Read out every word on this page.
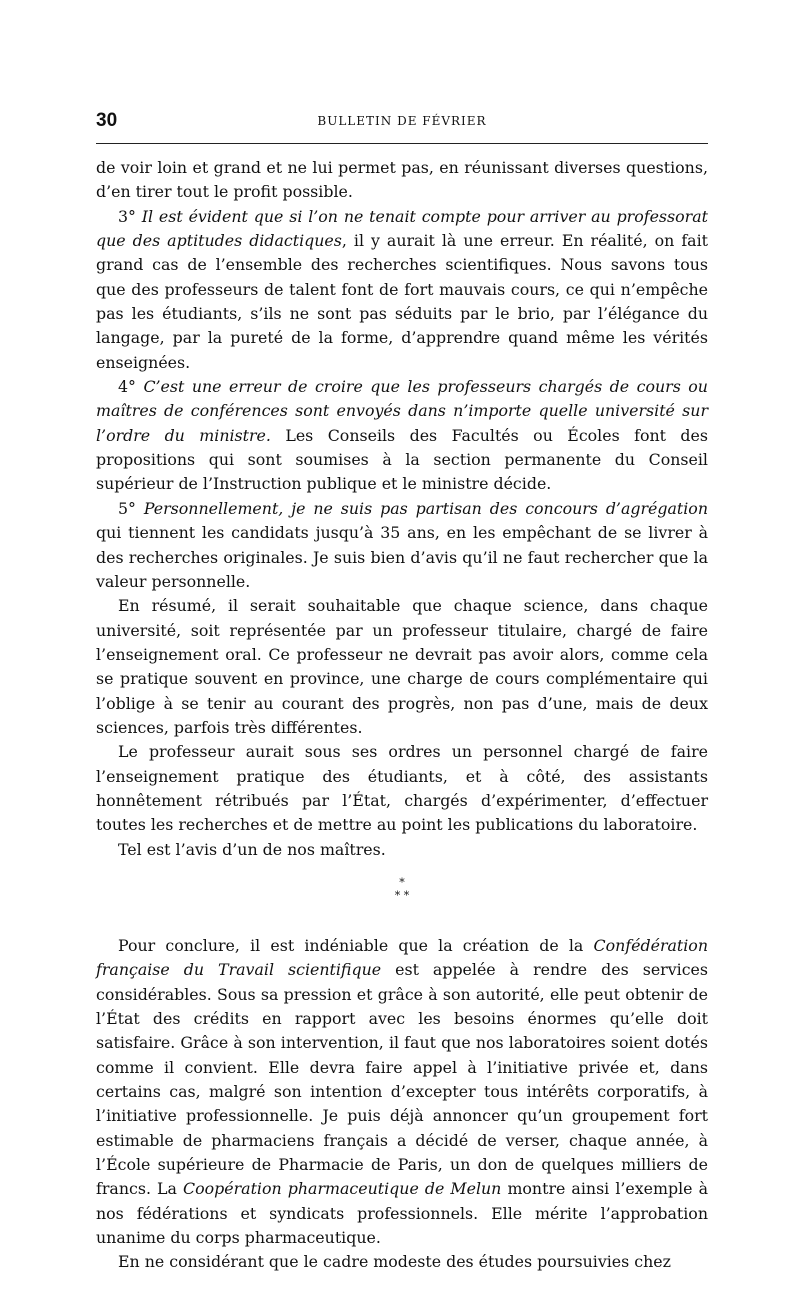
30	BULLETIN DE FÉVRIER

de voir loin et grand et ne lui permet pas, en réunissant diverses questions, d’en tirer tout le profit possible.

3° Il est évident que si l’on ne tenait compte pour arriver au professorat que des aptitudes didactiques, il y aurait là une erreur. En réalité, on fait grand cas de l’ensemble des recherches scientifiques. Nous savons tous que des professeurs de talent font de fort mauvais cours, ce qui n’empêche pas les étudiants, s’ils ne sont pas séduits par le brio, par l’élégance du langage, par la pureté de la forme, d’apprendre quand même les vérités enseignées.

4° C’est une erreur de croire que les professeurs chargés de cours ou maîtres de conférences sont envoyés dans n’importe quelle université sur l’ordre du ministre. Les Conseils des Facultés ou Écoles font des propositions qui sont soumises à la section permanente du Conseil supérieur de l’Instruction publique et le ministre décide.

5° Personnellement, je ne suis pas partisan des concours d’agrégation qui tiennent les candidats jusqu’à 35 ans, en les empêchant de se livrer à des recherches originales. Je suis bien d’avis qu’il ne faut rechercher que la valeur personnelle.

En résumé, il serait souhaitable que chaque science, dans chaque université, soit représentée par un professeur titulaire, chargé de faire l’enseignement oral. Ce professeur ne devrait pas avoir alors, comme cela se pratique souvent en province, une charge de cours complémentaire qui l’oblige à se tenir au courant des progrès, non pas d’une, mais de deux sciences, parfois très différentes.

Le professeur aurait sous ses ordres un personnel chargé de faire l’enseignement pratique des étudiants, et à côté, des assistants honnêtement rétribués par l’État, chargés d’expérimenter, d’effectuer toutes les recherches et de mettre au point les publications du laboratoire.

Tel est l’avis d’un de nos maîtres.

*
* *

Pour conclure, il est indéniable que la création de la Confédération française du Travail scientifique est appelée à rendre des services considérables. Sous sa pression et grâce à son autorité, elle peut obtenir de l’État des crédits en rapport avec les besoins énormes qu’elle doit satisfaire. Grâce à son intervention, il faut que nos laboratoires soient dotés comme il convient. Elle devra faire appel à l’initiative privée et, dans certains cas, malgré son intention d’excepter tous intérêts corporatifs, à l’initiative professionnelle. Je puis déjà annoncer qu’un groupement fort estimable de pharmaciens français a décidé de verser, chaque année, à l’École supérieure de Pharmacie de Paris, un don de quelques milliers de francs. La Coopération pharmaceutique de Melun montre ainsi l’exemple à nos fédérations et syndicats professionnels. Elle mérite l’approbation unanime du corps pharmaceutique.

En ne considérant que le cadre modeste des études poursuivies chez
